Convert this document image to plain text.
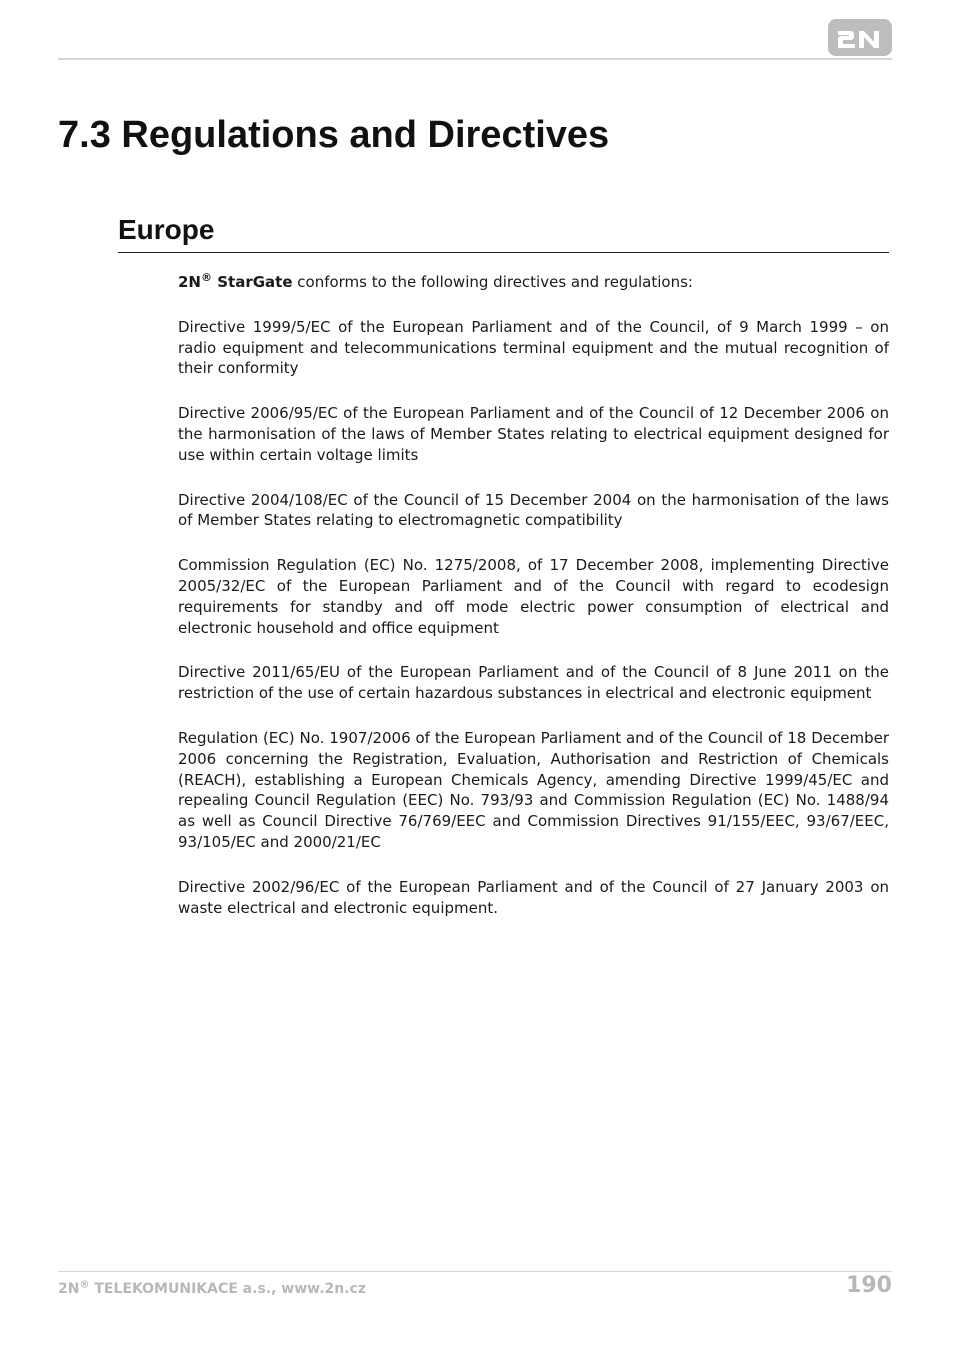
7.3 Regulations and Directives
Europe

2N® StarGate conforms to the following directives and regulations:

Directive 1999/5/EC of the European Parliament and of the Council, of 9 March 1999 – on radio equipment and telecommunications terminal equipment and the mutual recognition of their conformity

Directive 2006/95/EC of the European Parliament and of the Council of 12 December 2006 on the harmonisation of the laws of Member States relating to electrical equipment designed for use within certain voltage limits

Directive 2004/108/EC of the Council of 15 December 2004 on the harmonisation of the laws of Member States relating to electromagnetic compatibility

Commission Regulation (EC) No. 1275/2008, of 17 December 2008, implementing Directive 2005/32/EC of the European Parliament and of the Council with regard to ecodesign requirements for standby and off mode electric power consumption of electrical and electronic household and office equipment

Directive 2011/65/EU of the European Parliament and of the Council of 8 June 2011 on the restriction of the use of certain hazardous substances in electrical and electronic equipment

Regulation (EC) No. 1907/2006 of the European Parliament and of the Council of 18 December 2006 concerning the Registration, Evaluation, Authorisation and Restriction of Chemicals (REACH), establishing a European Chemicals Agency, amending Directive 1999/45/EC and repealing Council Regulation (EEC) No. 793/93 and Commission Regulation (EC) No. 1488/94 as well as Council Directive 76/769/EEC and Commission Directives 91/155/EEC, 93/67/EEC, 93/105/EC and 2000/21/EC

Directive 2002/96/EC of the European Parliament and of the Council of 27 January 2003 on waste electrical and electronic equipment.

2N® TELEKOMUNIKACE a.s., www.2n.cz	190
